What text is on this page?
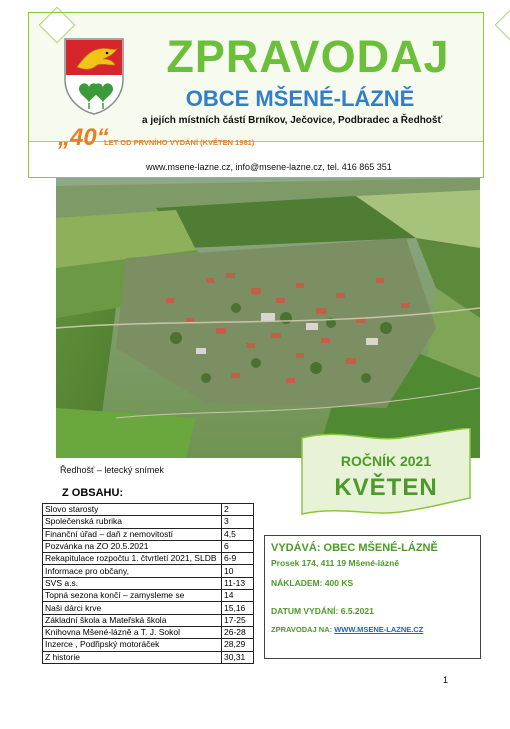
ZPRAVODAJ
OBCE MŠENÉ-LÁZNĚ
a jejích místních částí Brníkov, Ječovice, Podbradec a Ředhošť
„40“
LET OD PRVNÍHO VYDÁNÍ (KVĚTEN 1981)
www.msene-lazne.cz, info@msene-lazne.cz, tel. 416 865 351
Ředhošť – letecký snímek
Z OBSAHU:
ROČNÍK 2021
KVĚTEN
Slovo starosty	2
Společenská rubrika	3
Finanční úřad – daň z nemovitostí	4,5
Pozvánka na ZO 20.5.2021	6
Rekapitulace rozpočtu 1. čtvrtletí 2021, SLDB	6-9
Informace pro občany,	10
SVS a.s.	11-13
Topná sezona končí – zamysleme se	14
Naši dárci krve	15,16
Základní škola a Mateřská škola	17-25
Knihovna Mšené-lázně a T. J. Sokol	26-28
Inzerce , Podřipský motoráček	28,29
Z historie	30,31
VYDÁVÁ: OBEC MŠENÉ-LÁZNĚ
Prosek 174, 411 19 Mšené-lázně
NÁKLADEM: 400 KS
DATUM VYDÁNÍ: 6.5.2021
ZPRAVODAJ NA: WWW.MSENE-LAZNE.CZ
1
